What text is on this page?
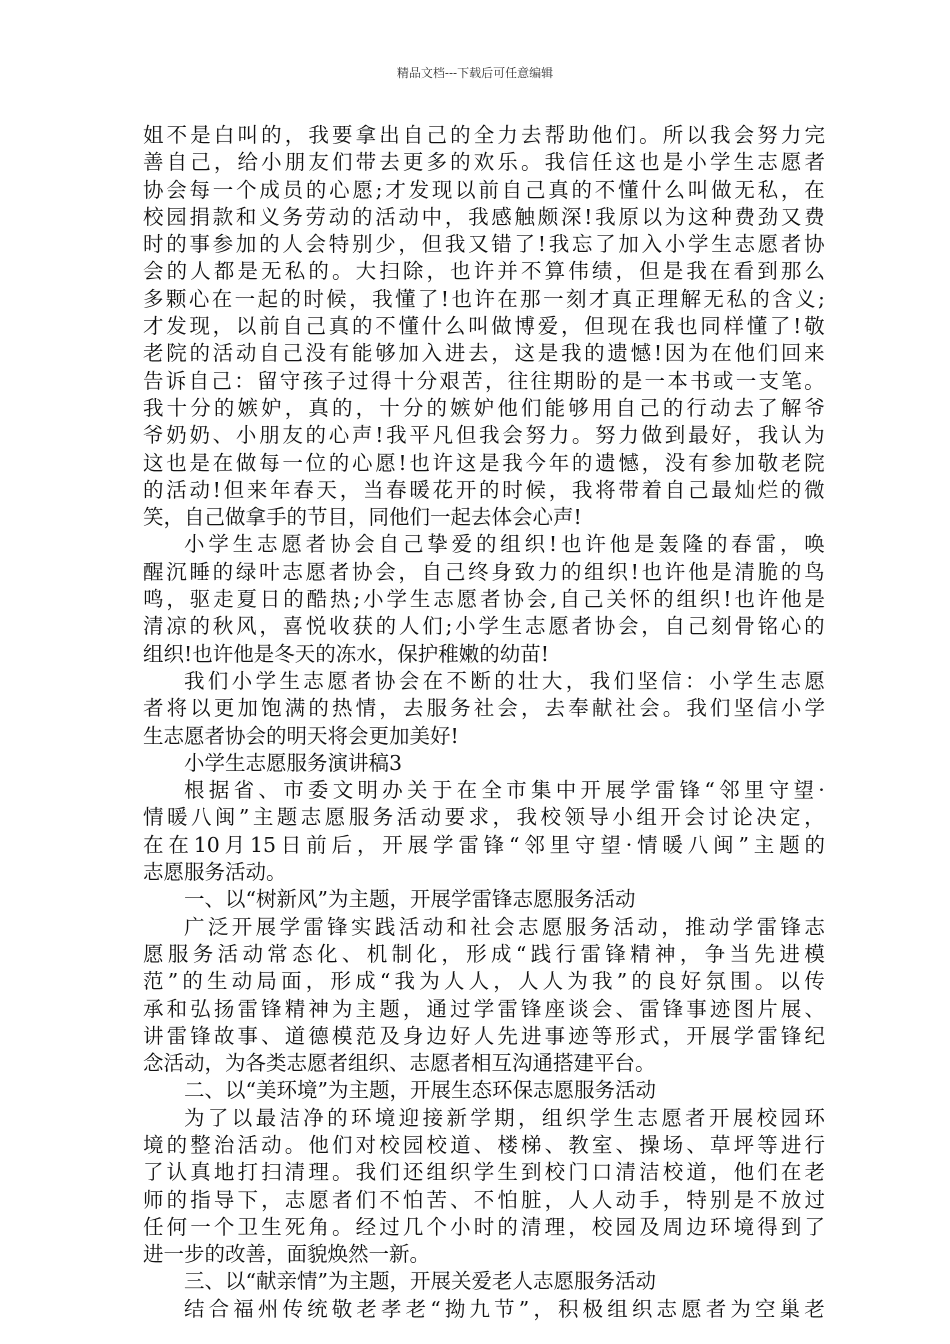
精品文档---下载后可任意编辑
姐 不 是 白 叫 的 ， 我 要 拿 出 自 己 的 全 力 去 帮 助 他 们 。 所 以 我 会 努 力 完
善 自 己 ， 给 小 朋 友 们 带 去 更 多 的 欢 乐 。 我 信 任 这 也 是 小 学 生 志 愿 者
协 会 每 一 个 成 员 的 心 愿 ; 才 发 现 以 前 自 己 真 的 不 懂 什 么 叫 做 无 私 ， 在
校 园 捐 款 和 义 务 劳 动 的 活 动 中 ， 我 感 触 颇 深 ! 我 原 以 为 这 种 费 劲 又 费
时 的 事 参 加 的 人 会 特 别 少 ， 但 我 又 错 了 ! 我 忘 了 加 入 小 学 生 志 愿 者 协
会 的 人 都 是 无 私 的 。 大 扫 除 ， 也 许 并 不 算 伟 绩 ， 但 是 我 在 看 到 那 么
多 颗 心 在 一 起 的 时 候 ， 我 懂 了 ! 也 许 在 那 一 刻 才 真 正 理 解 无 私 的 含 义 ;
才 发 现 ， 以 前 自 己 真 的 不 懂 什 么 叫 做 博 爱 ， 但 现 在 我 也 同 样 懂 了 ! 敬
老 院 的 活 动 自 己 没 有 能 够 加 入 进 去 ， 这 是 我 的 遗 憾 ! 因 为 在 他 们 回 来
告 诉 自 己 ： 留 守 孩 子 过 得 十 分 艰 苦 ， 往 往 期 盼 的 是 一 本 书 或 一 支 笔 。
我 十 分 的 嫉 妒 ， 真 的 ， 十 分 的 嫉 妒 他 们 能 够 用 自 己 的 行 动 去 了 解 爷
爷 奶 奶 、 小 朋 友 的 心 声 ! 我 平 凡 但 我 会 努 力 。 努 力 做 到 最 好 ， 我 认 为
这 也 是 在 做 每 一 位 的 心 愿 ! 也 许 这 是 我 今 年 的 遗 憾 ， 没 有 参 加 敬 老 院
的 活 动 ! 但 来 年 春 天 ， 当 春 暖 花 开 的 时 候 ， 我 将 带 着 自 己 最 灿 烂 的 微
笑，自己做拿手的节目，同他们一起去体会心声!
小 学 生 志 愿 者 协 会 自 己 挚 爱 的 组 织 ! 也 许 他 是 轰 隆 的 春 雷 ， 唤
醒 沉 睡 的 绿 叶 志 愿 者 协 会 ， 自 己 终 身 致 力 的 组 织 ! 也 许 他 是 清 脆 的 鸟
鸣 ， 驱 走 夏 日 的 酷 热 ; 小 学 生 志 愿 者 协 会 , 自 己 关 怀 的 组 织 ! 也 许 他 是
清 凉 的 秋 风 ， 喜 悦 收 获 的 人 们 ; 小 学 生 志 愿 者 协 会 ， 自 己 刻 骨 铭 心 的
组织!也许他是冬天的冻水，保护稚嫩的幼苗!
我 们 小 学 生 志 愿 者 协 会 在 不 断 的 壮 大 ， 我 们 坚 信 ： 小 学 生 志 愿
者 将 以 更 加 饱 满 的 热 情 ， 去 服 务 社 会 ， 去 奉 献 社 会 。 我 们 坚 信 小 学
生志愿者协会的明天将会更加美好!
小学生志愿服务演讲稿3
根 据 省 、 市 委 文 明 办 关 于 在 全 市 集 中 开 展 学 雷 锋 “ 邻 里 守 望 ·
情 暖 八 闽 ” 主 题 志 愿 服 务 活 动 要 求 ， 我 校 领 导 小 组 开 会 讨 论 决 定 ，
在 在 10 月 15 日 前 后 ， 开 展 学 雷 锋 “ 邻 里 守 望 · 情 暖 八 闽 ” 主 题 的
志愿服务活动。
一、以“树新风”为主题，开展学雷锋志愿服务活动
广 泛 开 展 学 雷 锋 实 践 活 动 和 社 会 志 愿 服 务 活 动 ， 推 动 学 雷 锋 志
愿 服 务 活 动 常 态 化 、 机 制 化 ， 形 成 “ 践 行 雷 锋 精 神 ， 争 当 先 进 模
范 ” 的 生 动 局 面 ， 形 成 “ 我 为 人 人 ， 人 人 为 我 ” 的 良 好 氛 围 。 以 传
承 和 弘 扬 雷 锋 精 神 为 主 题 ， 通 过 学 雷 锋 座 谈 会 、 雷 锋 事 迹 图 片 展 、
讲 雷 锋 故 事 、 道 德 模 范 及 身 边 好 人 先 进 事 迹 等 形 式 ， 开 展 学 雷 锋 纪
念活动，为各类志愿者组织、志愿者相互沟通搭建平台。
二、以“美环境”为主题，开展生态环保志愿服务活动
为 了 以 最 洁 净 的 环 境 迎 接 新 学 期 ， 组 织 学 生 志 愿 者 开 展 校 园 环
境 的 整 治 活 动 。 他 们 对 校 园 校 道 、 楼 梯 、 教 室 、 操 场 、 草 坪 等 进 行
了 认 真 地 打 扫 清 理 。 我 们 还 组 织 学 生 到 校 门 口 清 洁 校 道 ， 他 们 在 老
师 的 指 导 下 ， 志 愿 者 们 不 怕 苦 、 不 怕 脏 ， 人 人 动 手 ， 特 别 是 不 放 过
任 何 一 个 卫 生 死 角 。 经 过 几 个 小 时 的 清 理 ， 校 园 及 周 边 环 境 得 到 了
进一步的改善，面貌焕然一新。
三、以“献亲情”为主题，开展关爱老人志愿服务活动
结 合 福 州 传 统 敬 老 孝 老 “ 拗 九 节 ” ， 积 极 组 织 志 愿 者 为 空 巢 老
